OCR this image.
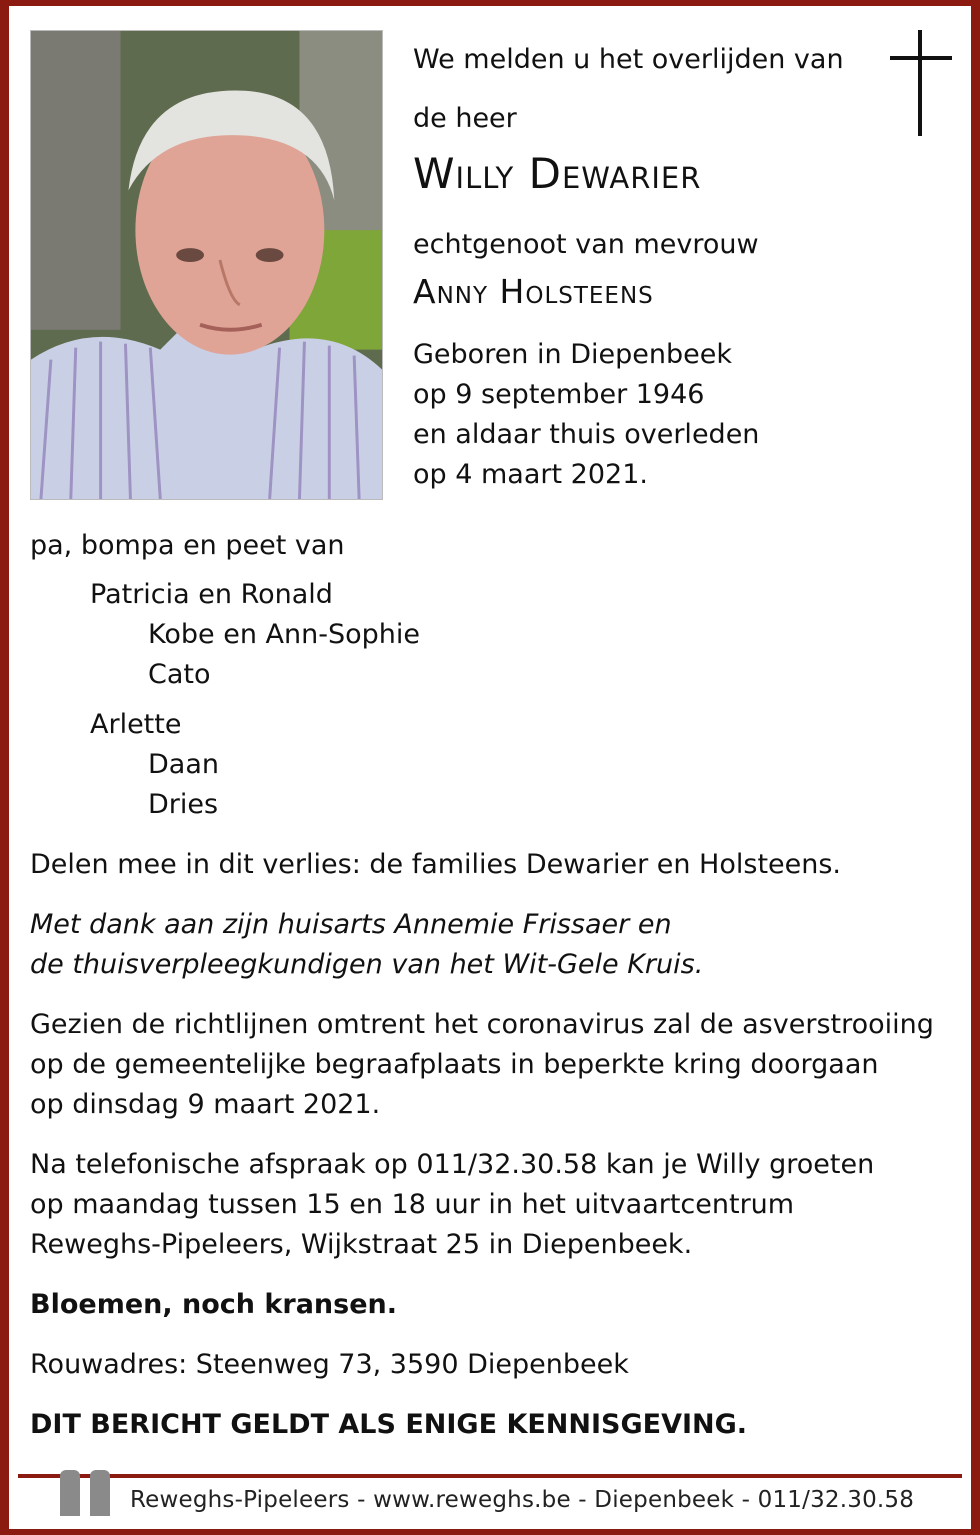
We melden u het overlijden van
de heer
Willy Dewarier
echtgenoot van mevrouw
Anny Holsteens
Geboren in Diepenbeek
op 9 september 1946
en aldaar thuis overleden
op 4 maart 2021.
pa, bompa en peet van
Patricia en Ronald
Kobe en Ann-Sophie
Cato
Arlette
Daan
Dries
Delen mee in dit verlies: de families Dewarier en Holsteens.
Met dank aan zijn huisarts Annemie Frissaer en
de thuisverpleegkundigen van het Wit-Gele Kruis.
Gezien de richtlijnen omtrent het coronavirus zal de asverstrooiing
op de gemeentelijke begraafplaats in beperkte kring doorgaan
op dinsdag 9 maart 2021.
Na telefonische afspraak op 011/32.30.58 kan je Willy groeten
op maandag tussen 15 en 18 uur in het uitvaartcentrum
Reweghs-Pipeleers, Wijkstraat 25 in Diepenbeek.
Bloemen, noch kransen.
Rouwadres: Steenweg 73, 3590 Diepenbeek
DIT BERICHT GELDT ALS ENIGE KENNISGEVING.
Reweghs-Pipeleers - www.reweghs.be - Diepenbeek - 011/32.30.58
